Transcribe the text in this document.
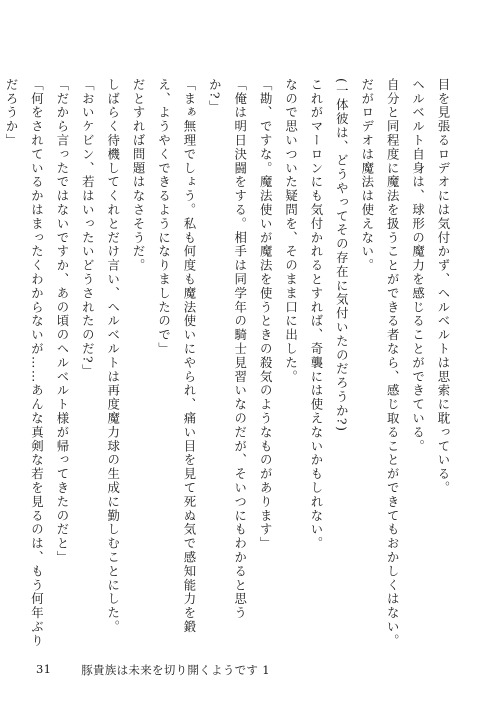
目を見張るロデオには気付かず、ヘルベルトは思索に耽っている。

ヘルベルト自身は、球形の魔力を感じることができている。

自分と同程度に魔法を扱うことができる者なら、感じ取ることができてもおかしくはない。

だがロデオは魔法は使えない。

(一体彼は、どうやってその存在に気付いたのだろうか?)

これがマーロンにも気付かれるとすれば、奇襲には使えないかもしれない。

なので思いついた疑問を、そのまま口に出した。

「勘、ですな。魔法使いが魔法を使うときの殺気のようなものがあります」

「俺は明日決闘をする。相手は同学年の騎士見習いなのだが、そいつにもわかると思うか?」

「まぁ無理でしょう。私も何度も魔法使いにやられ、痛い目を見て死ぬ気で感知能力を鍛え、ようやくできるようになりましたので」

だとすれば問題はなさそうだ。

しばらく待機してくれとだけ言い、ヘルベルトは再度魔力球の生成に勤しむことにした。

「おいケビン、若はいったいどうされたのだ?」

「だから言ったではないですか、あの頃のヘルベルト様が帰ってきたのだと」

「何をされているかはまったくわからないが……あんな真剣な若を見るのは、もう何年ぶりだろうか」

31	豚貴族は未来を切り開くようです 1
